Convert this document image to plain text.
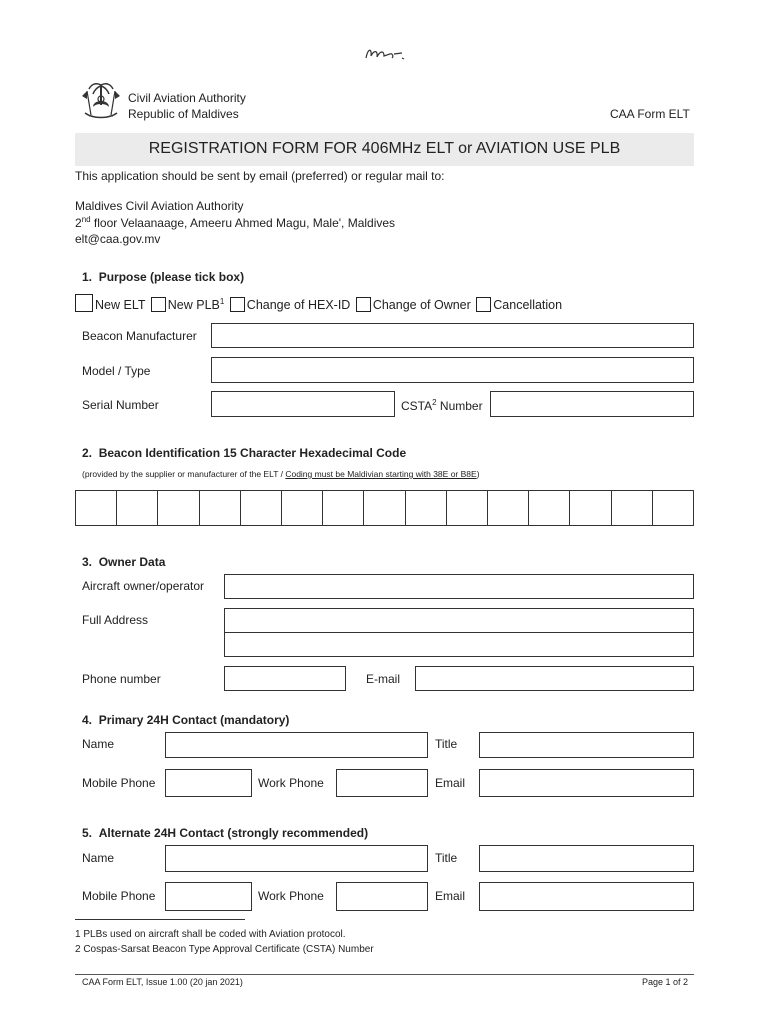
Civil Aviation Authority
Republic of Maldives	CAA Form ELT
REGISTRATION FORM FOR 406MHz ELT or AVIATION USE PLB
This application should be sent by email (preferred) or regular mail to:
Maldives Civil Aviation Authority
2nd floor Velaanaage, Ameeru Ahmed Magu, Male', Maldives
elt@caa.gov.mv
1. Purpose (please tick box)
New ELT New PLB$^1$ Change of HEX-ID Change of Owner Cancellation
Beacon Manufacturer
Model / Type
Serial Number	CSTA$^2$ Number
2. Beacon Identification 15 Character Hexadecimal Code
(provided by the supplier or manufacturer of the ELT / Coding must be Maldivian starting with 38E or B8E)
3. Owner Data
Aircraft owner/operator
Full Address
Phone number	E-mail
4. Primary 24H Contact (mandatory)
Name	Title
Mobile Phone	Work Phone	Email
5. Alternate 24H Contact (strongly recommended)
Name	Title
Mobile Phone	Work Phone	Email
1 PLBs used on aircraft shall be coded with Aviation protocol.
2 Cospas-Sarsat Beacon Type Approval Certificate (CSTA) Number
CAA Form ELT, Issue 1.00 (20 jan 2021)	Page 1 of 2
